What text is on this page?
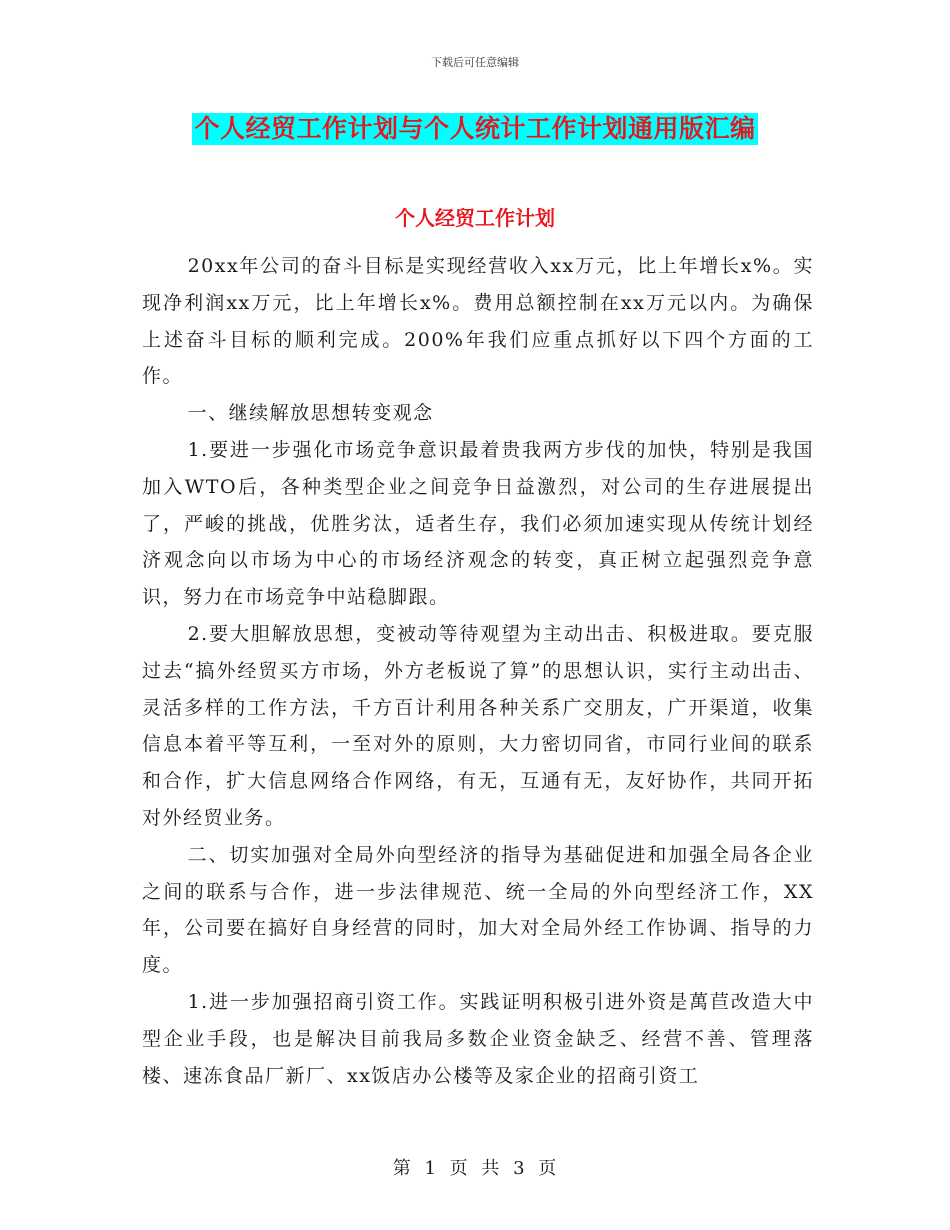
下载后可任意编辑
个人经贸工作计划与个人统计工作计划通用版汇编
个人经贸工作计划

20xx年公司的奋斗目标是实现经营收入xx万元，比上年增长x%。实现净利润xx万元，比上年增长x%。费用总额控制在xx万元以内。为确保上述奋斗目标的顺利完成。200%年我们应重点抓好以下四个方面的工作。

一、继续解放思想转变观念

1.要进一步强化市场竞争意识最着贵我两方步伐的加快，特别是我国加入WTO后，各种类型企业之间竞争日益激烈，对公司的生存进展提出了，严峻的挑战，优胜劣汰，适者生存，我们必须加速实现从传统计划经济观念向以市场为中心的市场经济观念的转变，真正树立起强烈竞争意识，努力在市场竞争中站稳脚跟。

2.要大胆解放思想，变被动等待观望为主动出击、积极进取。要克服过去“搞外经贸买方市场，外方老板说了算”的思想认识，实行主动出击、灵活多样的工作方法，千方百计利用各种关系广交朋友，广开渠道，收集信息本着平等互利，一至对外的原则，大力密切同省，市同行业间的联系和合作，扩大信息网络合作网络，有无，互通有无，友好协作，共同开拓对外经贸业务。

二、切实加强对全局外向型经济的指导为基础促进和加强全局各企业之间的联系与合作，进一步法律规范、统一全局的外向型经济工作，XX年，公司要在搞好自身经营的同时，加大对全局外经工作协调、指导的力度。

1.进一步加强招商引资工作。实践证明积极引进外资是萬苣改造大中型企业手段，也是解决目前我局多数企业资金缺乏、经营不善、管理落楼、速冻食品厂新厂、xx饭店办公楼等及家企业的招商引资工

第 1 页 共 3 页
